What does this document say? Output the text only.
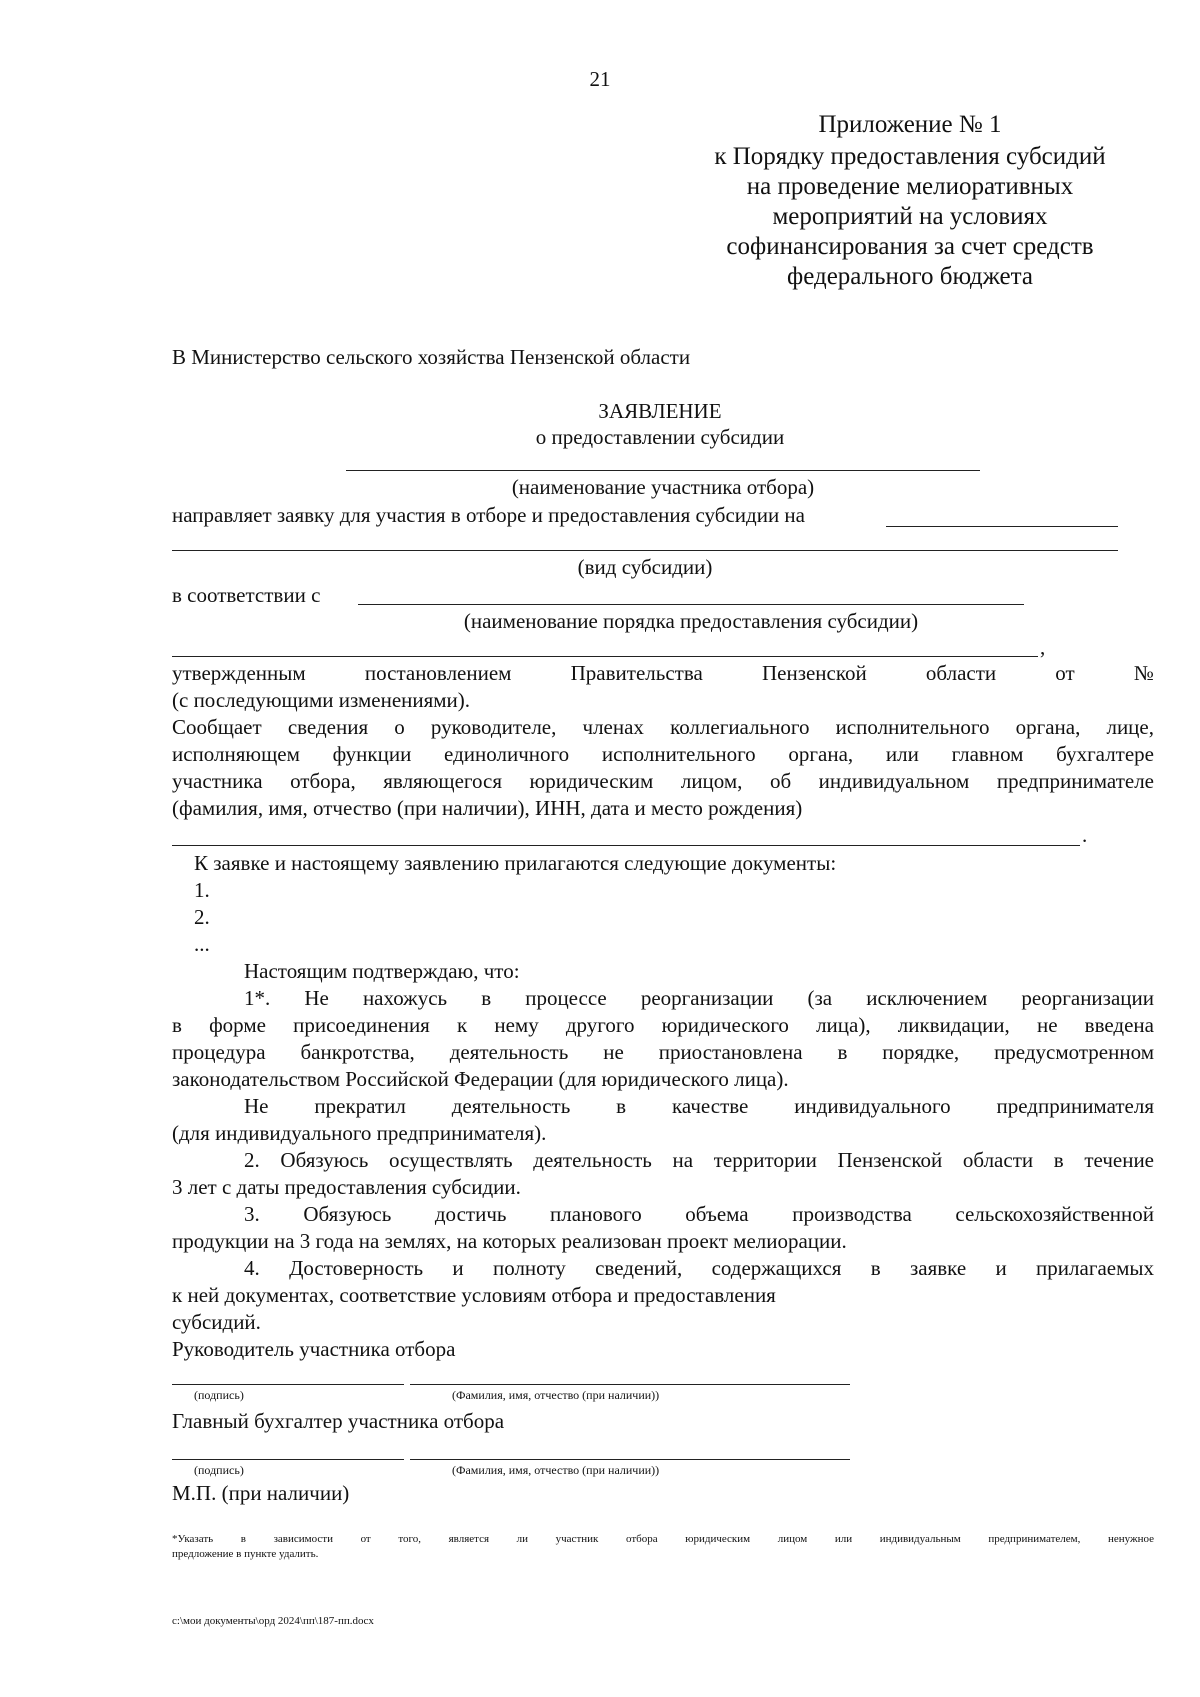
21
Приложение № 1
к Порядку предоставления субсидий
на проведение мелиоративных
мероприятий на условиях
софинансирования за счет средств
федерального бюджета
В Министерство сельского хозяйства Пензенской области
ЗАЯВЛЕНИЕ
о предоставлении субсидии
(наименование участника отбора)
направляет заявку для участия в отборе и предоставления субсидии на
(вид субсидии)
в соответствии с
(наименование порядка предоставления субсидии)
,
утвержденным	постановлением	Правительства	Пензенской	области	от	№
(с последующими изменениями).
Сообщает сведения о руководителе, членах коллегиального исполнительного органа, лице,
исполняющем функции единоличного исполнительного органа, или главном бухгалтере
участника отбора, являющегося юридическим лицом, об индивидуальном предпринимателе
(фамилия, имя, отчество (при наличии), ИНН, дата и место рождения)
.
К заявке и настоящему заявлению прилагаются следующие документы:
1.
2.
...
Настоящим подтверждаю, что:
1*. Не нахожусь в процессе реорганизации (за исключением реорганизации
в форме присоединения к нему другого юридического лица), ликвидации, не введена
процедура банкротства, деятельность не приостановлена в порядке, предусмотренном
законодательством Российской Федерации (для юридического лица).
Не прекратил деятельность в качестве индивидуального предпринимателя
(для индивидуального предпринимателя).
2. Обязуюсь осуществлять деятельность на территории Пензенской области в течение
3 лет с даты предоставления субсидии.
3. Обязуюсь достичь планового объема производства сельскохозяйственной
продукции на 3 года на землях, на которых реализован проект мелиорации.
4. Достоверность и полноту сведений, содержащихся в заявке и прилагаемых
к ней документах, соответствие условиям отбора и предоставления
субсидий.
Руководитель участника отбора
(подпись)	(Фамилия, имя, отчество (при наличии))
Главный бухгалтер участника отбора
(подпись)	(Фамилия, имя, отчество (при наличии))
М.П. (при наличии)
*Указать в зависимости от того, является ли участник отбора юридическим лицом или индивидуальным предпринимателем, ненужное
предложение в пункте удалить.
c:\мои документы\орд 2024\пп\187-пп.docx
